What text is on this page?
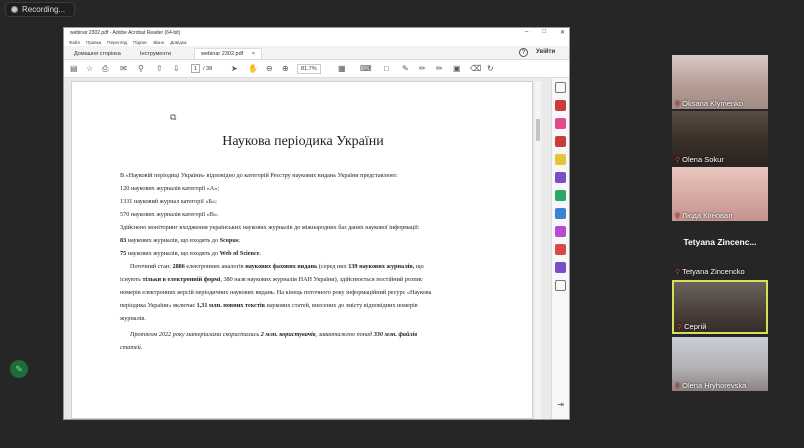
Recording...
webinar 2302.pdf - Adobe Acrobat Reader (64-bit)	– □ ✕
Файл Правка Перегляд Підпис Вікно Довідка
Домашня сторінка	Інструменти	webinar 2302.pdf ×	?	Увійти
▤ ☆ ⎙ ✉ ⚲ ⇧ ⇩	1	/ 38 ➤ ✋ ⊖ ⊕	81,7%	▦ ⌨ □ ✎ ✏ ✏ ▣ ⌫ ↻
⧉
Наукова періодика України
В «Науковій періодиці України» відповідно до категорій Реєстру наукових видань України представлено:
120 наукових журналів категорії «А»;
1331 науковий журнал категорії «Б»;
570 наукових журналів категорії «В».
Здійснено моніторинг входження українських наукових журналів до міжнародних баз даних наукової інформації:
83 наукових журналів, що входять до Scopus;
75 наукових журналів, що входять до Web of Science.
Поточний стан: 2886 електронних аналогів наукових фахових видань (серед них 139 наукових журналів, що
існують тільки в електронній формі, 380 назв наукових журналів НАН України), здійснюється постійний розпис
номерів електронних версій періодичних наукових видань. На кінець поточного року інформаційний ресурс «Наукова
періодика України» включає 1,31 млн. повних текстів наукових статей, внесених до змісту відповідних номерів
журналів.
Протягом 2022 року матеріалами скористались 2 млн. користувачів, завантажено понад 330 млн. файлів
статей.
⇥
✎
⚲ Oksana Klymenko
⚲ Olena Sokur
⚲ Люда Коновал
Tetyana Zincenc...
⚲ Tetyana Zincencko
⚲ Сергій
⚲ Olena Hryhorevska
